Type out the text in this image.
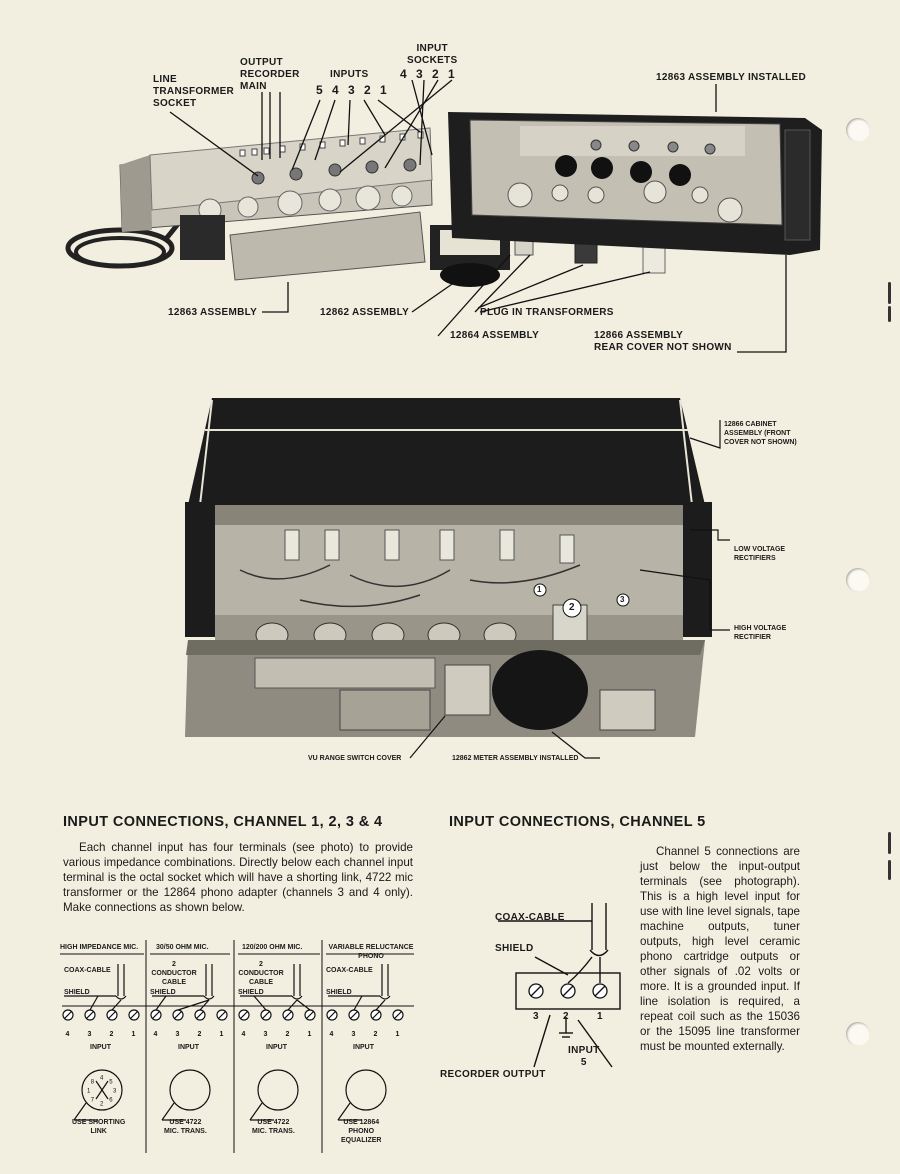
LINE
TRANSFORMER
SOCKET
OUTPUT
RECORDER
MAIN
INPUTS
5 4 3 2 1
INPUT
SOCKETS
4 3 2 1	12863 ASSEMBLY INSTALLED
12863 ASSEMBLY	12862 ASSEMBLY	PLUG IN TRANSFORMERS
12864 ASSEMBLY	12866 ASSEMBLY
REAR COVER NOT SHOWN
12866 CABINET
ASSEMBLY (FRONT
COVER NOT SHOWN)
LOW VOLTAGE
RECTIFIERS
HIGH VOLTAGE
RECTIFIER
VU RANGE SWITCH COVER	12862 METER ASSEMBLY INSTALLED
1
2
3
INPUT CONNECTIONS, CHANNEL 1, 2, 3 & 4

Each channel input has four terminals (see photo) to provide various impedance combinations. Directly below each channel input terminal is the octal socket which will have a shorting link, 4722 mic transformer or the 12864 phono adapter (channels 3 and 4 only). Make connections as shown below.

4	3	2	1	4	3	2	1	4	3	2	1	4	3	2	1
4
5
3
6
2
7
1
8
HIGH IMPEDANCE MIC.	30/50 OHM MIC.	120/200 OHM MIC.	VARIABLE RELUCTANCE PHONO
COAX-CABLE
2 CONDUCTOR CABLE
2 CONDUCTOR CABLE
COAX-CABLE
SHIELD	SHIELD	SHIELD	SHIELD
INPUT	INPUT	INPUT	INPUT
USE SHORTING
LINK
USE 4722
MIC. TRANS.
USE 4722
MIC. TRANS.
USE 12864
PHONO
EQUALIZER
INPUT CONNECTIONS, CHANNEL 5

Channel 5 connections are just below the input-output terminals (see photograph). This is a high level input for use with line level signals, tape machine outputs, tuner outputs, high level ceramic phono cartridge outputs or other signals of .02 volts or more. It is a grounded input. If line isolation is required, a repeat coil such as the 15036 or the 15095 line transformer must be mounted externally.

COAX-CABLE
SHIELD
3 2	1
INPUT
5
RECORDER OUTPUT
